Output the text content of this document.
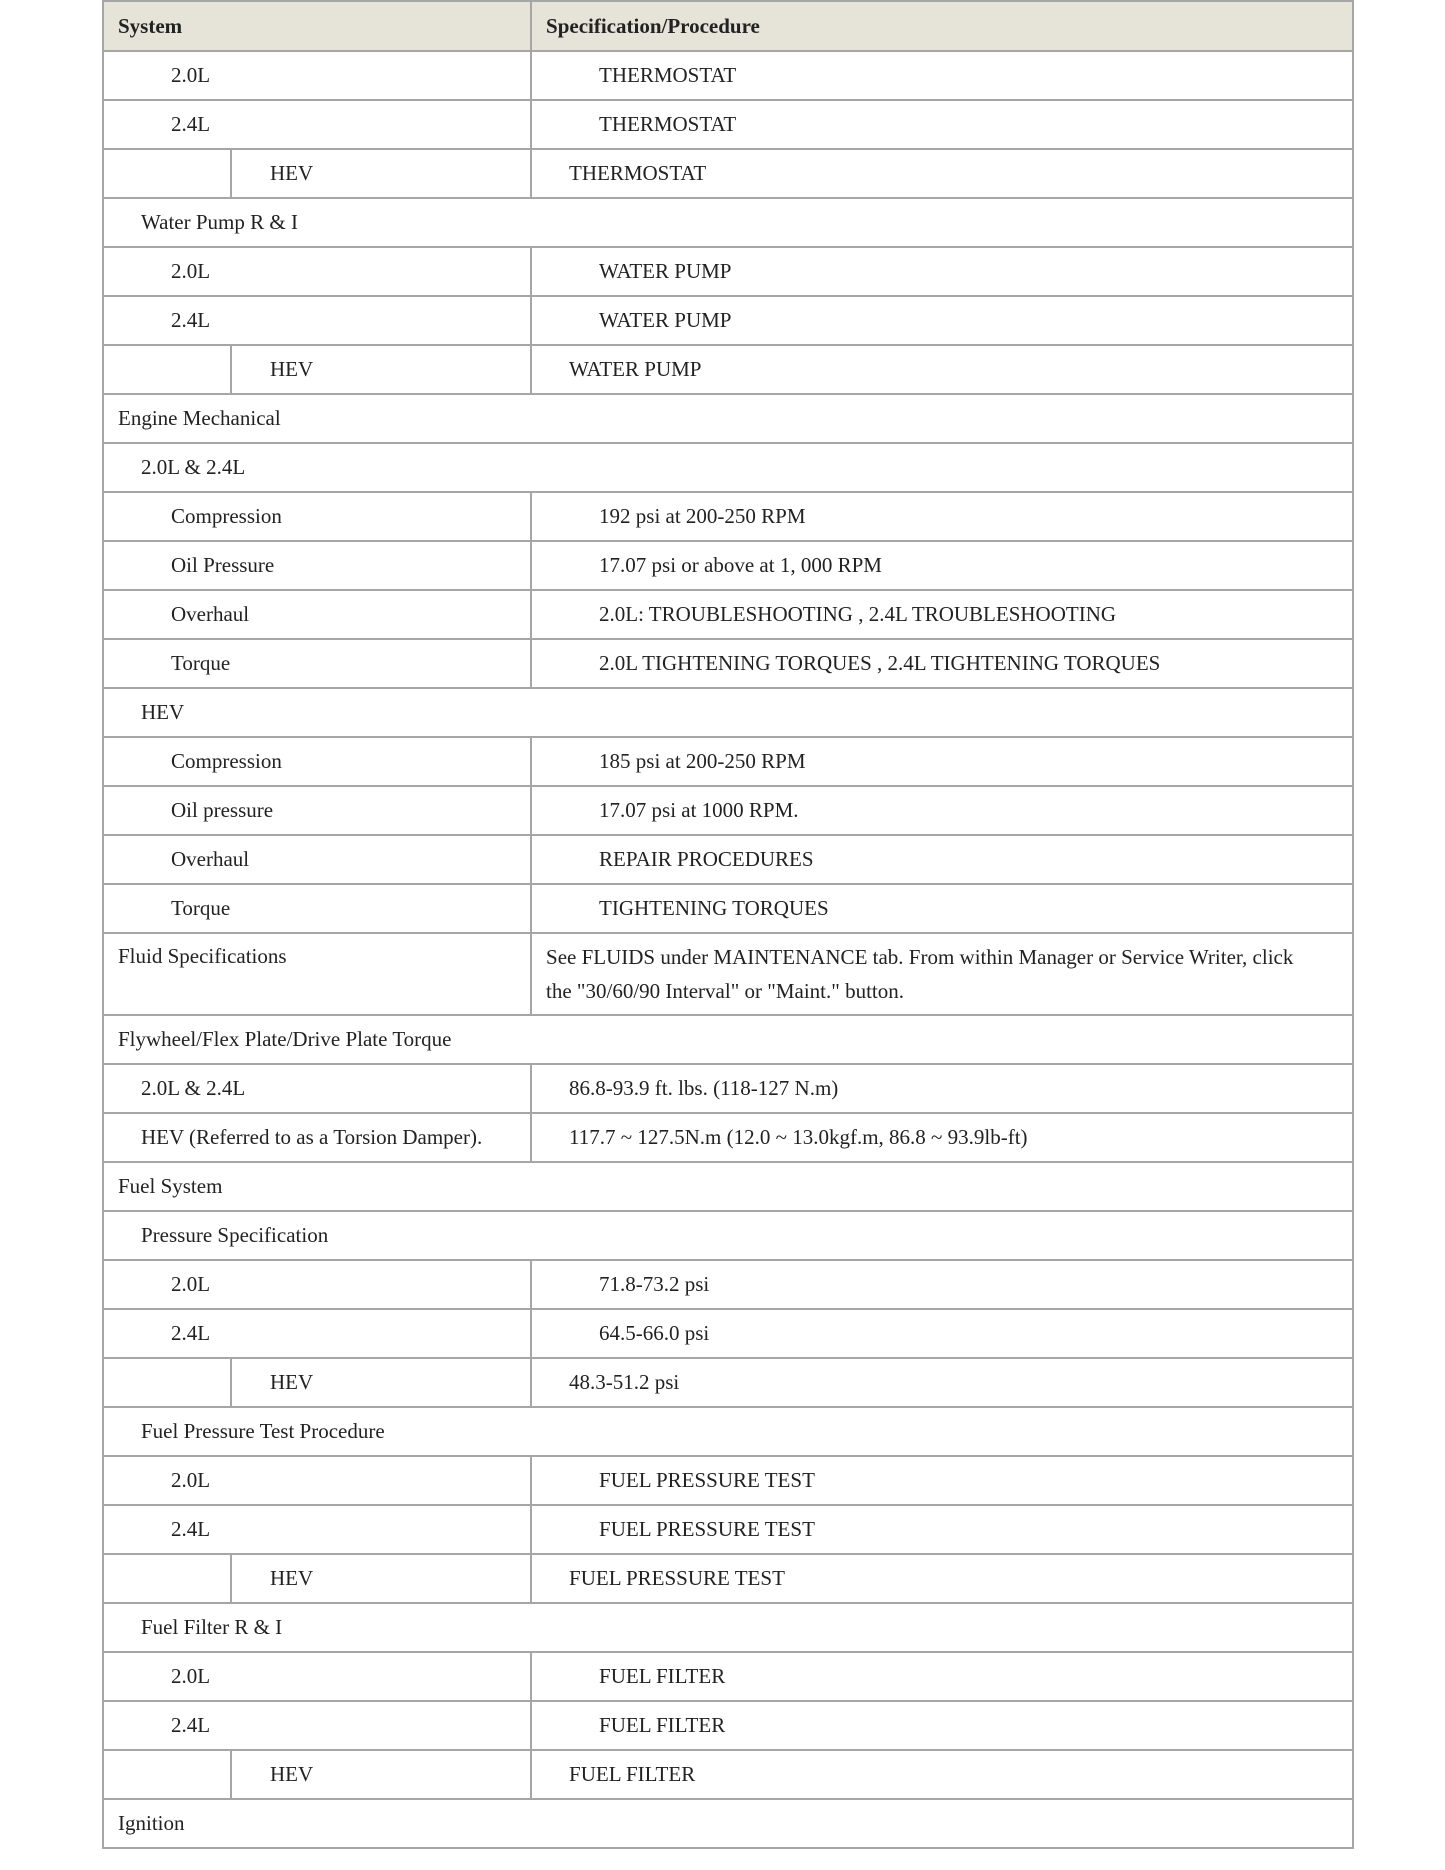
System		Specification/Procedure
2.0L		THERMOSTAT
2.4L		THERMOSTAT
	HEV	THERMOSTAT
Water Pump R & I		
2.0L		WATER PUMP
2.4L		WATER PUMP
	HEV	WATER PUMP
Engine Mechanical		
2.0L & 2.4L		
Compression		192 psi at 200-250 RPM
Oil Pressure		17.07 psi or above at 1, 000 RPM
Overhaul		2.0L: TROUBLESHOOTING , 2.4L TROUBLESHOOTING
Torque		2.0L TIGHTENING TORQUES , 2.4L TIGHTENING TORQUES
HEV		
Compression		185 psi at 200-250 RPM
Oil pressure		17.07 psi at 1000 RPM.
Overhaul		REPAIR PROCEDURES
Torque		TIGHTENING TORQUES
Fluid Specifications		See FLUIDS under MAINTENANCE tab. From within Manager or Service Writer, click the "30/60/90 Interval" or "Maint." button.
Flywheel/Flex Plate/Drive Plate Torque		
2.0L & 2.4L		86.8-93.9 ft. lbs. (118-127 N.m)
HEV (Referred to as a Torsion Damper).		117.7 ~ 127.5N.m (12.0 ~ 13.0kgf.m, 86.8 ~ 93.9lb-ft)
Fuel System		
Pressure Specification		
2.0L		71.8-73.2 psi
2.4L		64.5-66.0 psi
	HEV	48.3-51.2 psi
Fuel Pressure Test Procedure		
2.0L		FUEL PRESSURE TEST
2.4L		FUEL PRESSURE TEST
	HEV	FUEL PRESSURE TEST
Fuel Filter R & I		
2.0L		FUEL FILTER
2.4L		FUEL FILTER
	HEV	FUEL FILTER
Ignition		
